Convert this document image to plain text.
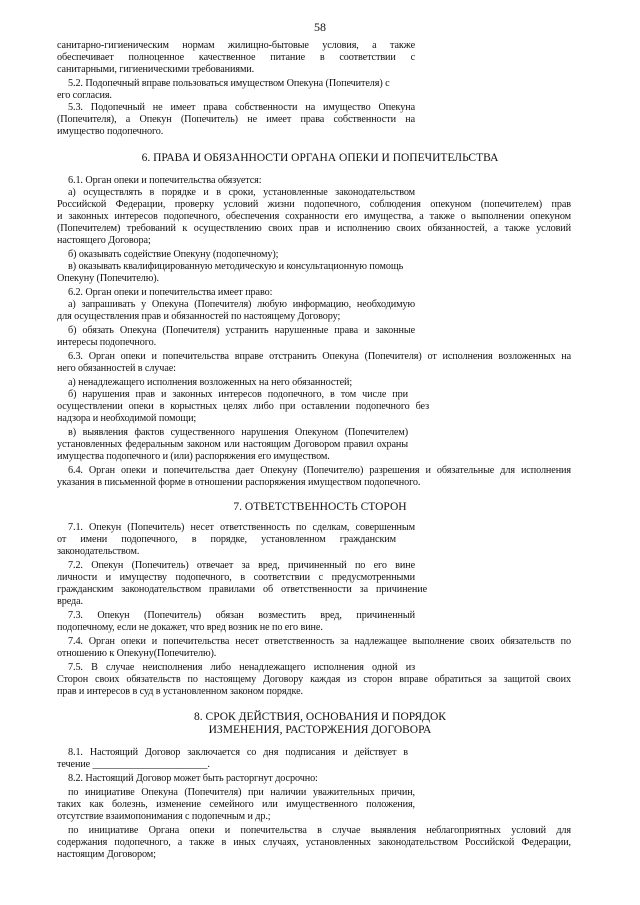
58
санитарно-гигиеническим нормам жилищно-бытовые условия, а также
обеспечивает полноценное качественное питание в соответствии с
санитарными, гигиеническими требованиями.
5.2. Подопечный вправе пользоваться имуществом Опекуна (Попечителя) с
его согласия.
5.3. Подопечный не имеет права собственности на имущество Опекуна
(Попечителя), а Опекун (Попечитель) не имеет права собственности на
имущество подопечного.
6. ПРАВА И ОБЯЗАННОСТИ ОРГАНА ОПЕКИ И ПОПЕЧИТЕЛЬСТВА
6.1. Орган опеки и попечительства обязуется:
а) осуществлять в порядке и в сроки, установленные законодательством
Российской Федерации, проверку условий жизни подопечного, соблюдения опекуном (попечителем) прав
и законных интересов подопечного, обеспечения сохранности его имущества, а также о выполнении опекуном
(Попечителем) требований к осуществлению своих прав и исполнению своих обязанностей, а также условий
настоящего Договора;
б) оказывать содействие Опекуну (подопечному);
в) оказывать квалифицированную методическую и консультационную помощь
Опекуну (Попечителю).
6.2. Орган опеки и попечительства имеет право:
а) запрашивать у Опекуна (Попечителя) любую информацию, необходимую
для осуществления прав и обязанностей по настоящему Договору;
б) обязать Опекуна (Попечителя) устранить нарушенные права и законные
интересы подопечного.
6.3. Орган опеки и попечительства вправе отстранить Опекуна (Попечителя) от исполнения возложенных на
него обязанностей в случае:
а) ненадлежащего исполнения возложенных на него обязанностей;
б) нарушения прав и законных интересов подопечного, в том числе при
осуществлении опеки в корыстных целях либо при оставлении подопечного без
надзора и необходимой помощи;
в) выявления фактов существенного нарушения Опекуном (Попечителем)
установленных федеральным законом или настоящим Договором правил охраны
имущества подопечного и (или) распоряжения его имуществом.
6.4. Орган опеки и попечительства дает Опекуну (Попечителю) разрешения и обязательные для исполнения
указания в письменной форме в отношении распоряжения имуществом подопечного.
7. ОТВЕТСТВЕННОСТЬ СТОРОН
7.1. Опекун (Попечитель) несет ответственность по сделкам, совершенным
от имени подопечного, в порядке, установленном гражданским
законодательством.
7.2. Опекун (Попечитель) отвечает за вред, причиненный по его вине
личности и имуществу подопечного, в соответствии с предусмотренными
гражданским законодательством правилами об ответственности за причинение
вреда.
7.3. Опекун (Попечитель) обязан возместить вред, причиненный
подопечному, если не докажет, что вред возник не по его вине.
7.4. Орган опеки и попечительства несет ответственность за надлежащее выполнение своих обязательств по
отношению к Опекуну(Попечителю).
7.5. В случае неисполнения либо ненадлежащего исполнения одной из
Сторон своих обязательств по настоящему Договору каждая из сторон вправе обратиться за защитой своих
прав и интересов в суд в установленном законом порядке.
8. СРОК ДЕЙСТВИЯ, ОСНОВАНИЯ И ПОРЯДОК
ИЗМЕНЕНИЯ, РАСТОРЖЕНИЯ ДОГОВОРА
8.1. Настоящий Договор заключается со дня подписания и действует в
течение _______________________.
8.2. Настоящий Договор может быть расторгнут досрочно:
по инициативе Опекуна (Попечителя) при наличии уважительных причин,
таких как болезнь, изменение семейного или имущественного положения,
отсутствие взаимопонимания с подопечным и др.;
по инициативе Органа опеки и попечительства в случае выявления неблагоприятных условий для
содержания подопечного, а также в иных случаях, установленных законодательством Российской Федерации,
настоящим Договором;
